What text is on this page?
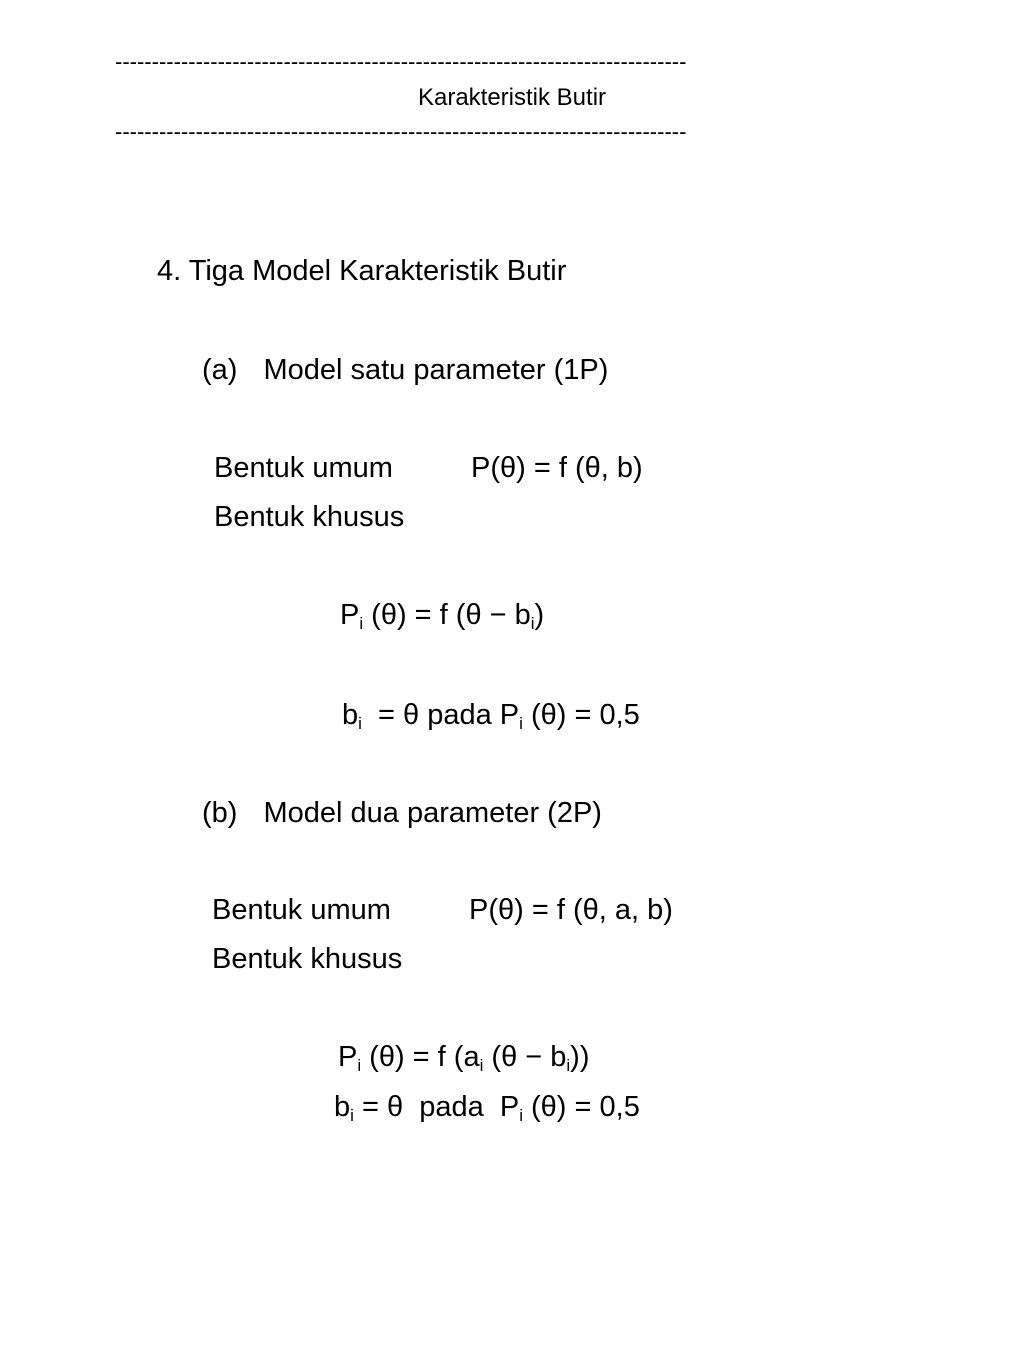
------------------------------------------------------------------------------
Karakteristik Butir
------------------------------------------------------------------------------
4. Tiga Model Karakteristik Butir
(a) Model satu parameter (1P)
Bentuk umum	P(θ) = f (θ, b)
Bentuk khusus
$P_i$ (θ) = f $(\theta - b_i)$
$b_i = \theta$ pada $P_i$ (θ) = 0,5
(b) Model dua parameter (2P)
Bentuk umum	P(θ) = f (θ, a, b)
Bentuk khusus
$P_i$ (θ) = f ($a_i$ $(\theta - b_i)$)
$b_i = \theta$  pada  $P_i$ (θ) = 0,5
